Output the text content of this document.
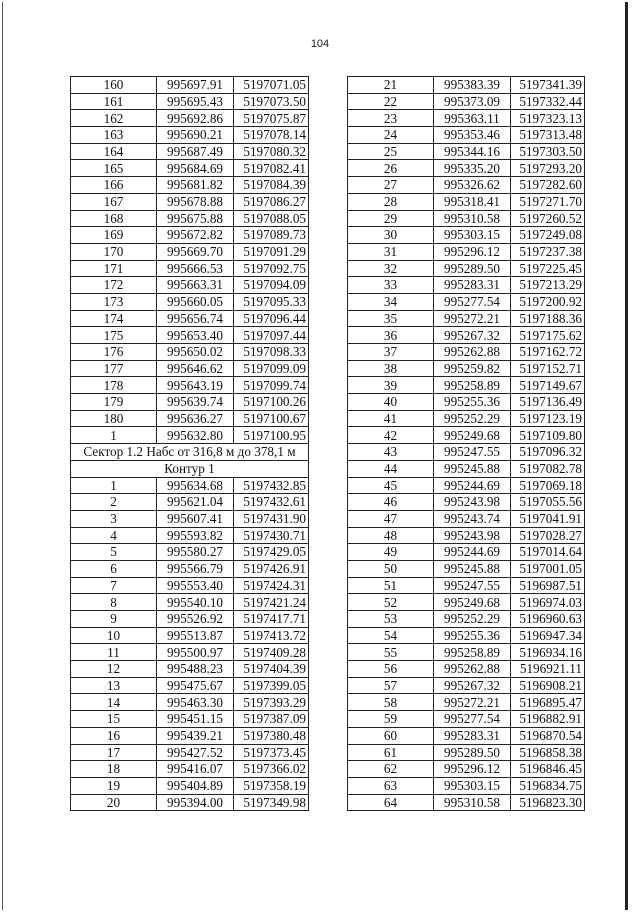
104
160	995697.91	5197071.05
161	995695.43	5197073.50
162	995692.86	5197075.87
163	995690.21	5197078.14
164	995687.49	5197080.32
165	995684.69	5197082.41
166	995681.82	5197084.39
167	995678.88	5197086.27
168	995675.88	5197088.05
169	995672.82	5197089.73
170	995669.70	5197091.29
171	995666.53	5197092.75
172	995663.31	5197094.09
173	995660.05	5197095.33
174	995656.74	5197096.44
175	995653.40	5197097.44
176	995650.02	5197098.33
177	995646.62	5197099.09
178	995643.19	5197099.74
179	995639.74	5197100.26
180	995636.27	5197100.67
1	995632.80	5197100.95
Сектор 1.2 Набс от 316,8 м до 378,1 м		
Контур 1		
1	995634.68	5197432.85
2	995621.04	5197432.61
3	995607.41	5197431.90
4	995593.82	5197430.71
5	995580.27	5197429.05
6	995566.79	5197426.91
7	995553.40	5197424.31
8	995540.10	5197421.24
9	995526.92	5197417.71
10	995513.87	5197413.72
11	995500.97	5197409.28
12	995488.23	5197404.39
13	995475.67	5197399.05
14	995463.30	5197393.29
15	995451.15	5197387.09
16	995439.21	5197380.48
17	995427.52	5197373.45
18	995416.07	5197366.02
19	995404.89	5197358.19
20	995394.00	5197349.98
21	995383.39	5197341.39
22	995373.09	5197332.44
23	995363.11	5197323.13
24	995353.46	5197313.48
25	995344.16	5197303.50
26	995335.20	5197293.20
27	995326.62	5197282.60
28	995318.41	5197271.70
29	995310.58	5197260.52
30	995303.15	5197249.08
31	995296.12	5197237.38
32	995289.50	5197225.45
33	995283.31	5197213.29
34	995277.54	5197200.92
35	995272.21	5197188.36
36	995267.32	5197175.62
37	995262.88	5197162.72
38	995259.82	5197152.71
39	995258.89	5197149.67
40	995255.36	5197136.49
41	995252.29	5197123.19
42	995249.68	5197109.80
43	995247.55	5197096.32
44	995245.88	5197082.78
45	995244.69	5197069.18
46	995243.98	5197055.56
47	995243.74	5197041.91
48	995243.98	5197028.27
49	995244.69	5197014.64
50	995245.88	5197001.05
51	995247.55	5196987.51
52	995249.68	5196974.03
53	995252.29	5196960.63
54	995255.36	5196947.34
55	995258.89	5196934.16
56	995262.88	5196921.11
57	995267.32	5196908.21
58	995272.21	5196895.47
59	995277.54	5196882.91
60	995283.31	5196870.54
61	995289.50	5196858.38
62	995296.12	5196846.45
63	995303.15	5196834.75
64	995310.58	5196823.30
